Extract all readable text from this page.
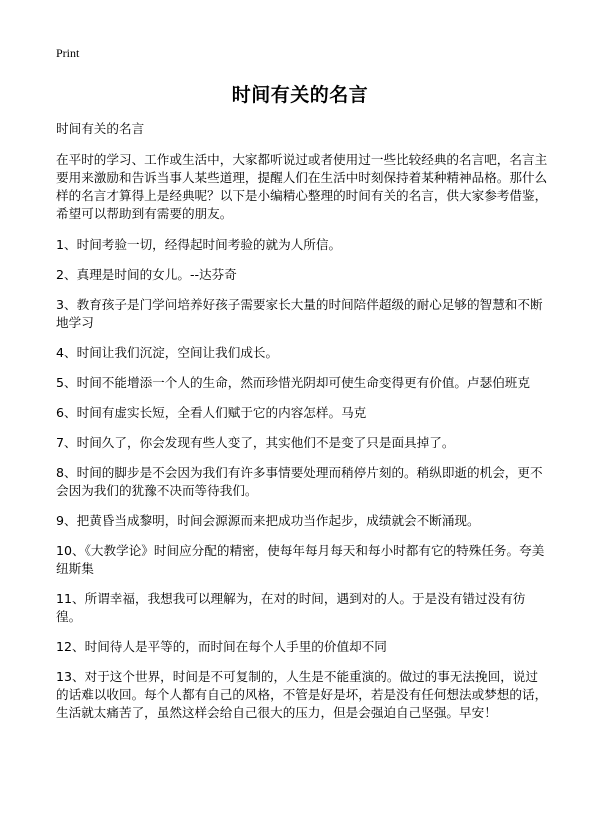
Print
时间有关的名言

时间有关的名言

在平时的学习、工作或生活中，大家都听说过或者使用过一些比较经典的名言吧，名言主要用来激励和告诉当事人某些道理，提醒人们在生活中时刻保持着某种精神品格。那什么样的名言才算得上是经典呢？以下是小编精心整理的时间有关的名言，供大家参考借鉴，希望可以帮助到有需要的朋友。

1、时间考验一切，经得起时间考验的就为人所信。

2、真理是时间的女儿。--达芬奇

3、教育孩子是门学问培养好孩子需要家长大量的时间陪伴超级的耐心足够的智慧和不断地学习

4、时间让我们沉淀，空间让我们成长。

5、时间不能增添一个人的生命，然而珍惜光阴却可使生命变得更有价值。卢瑟伯班克

6、时间有虚实长短，全看人们赋于它的内容怎样。马克

7、时间久了，你会发现有些人变了，其实他们不是变了只是面具掉了。

8、时间的脚步是不会因为我们有许多事情要处理而稍停片刻的。稍纵即逝的机会，更不会因为我们的犹豫不决而等待我们。

9、把黄昏当成黎明，时间会源源而来把成功当作起步，成绩就会不断涌现。

10、《大教学论》时间应分配的精密，使每年每月每天和每小时都有它的特殊任务。夸美纽斯集

11、所谓幸福，我想我可以理解为，在对的时间，遇到对的人。于是没有错过没有彷徨。

12、时间待人是平等的，而时间在每个人手里的价值却不同

13、对于这个世界，时间是不可复制的，人生是不能重演的。做过的事无法挽回，说过的话难以收回。每个人都有自己的风格，不管是好是坏，若是没有任何想法或梦想的话，生活就太痛苦了，虽然这样会给自己很大的压力，但是会强迫自己坚强。早安！
